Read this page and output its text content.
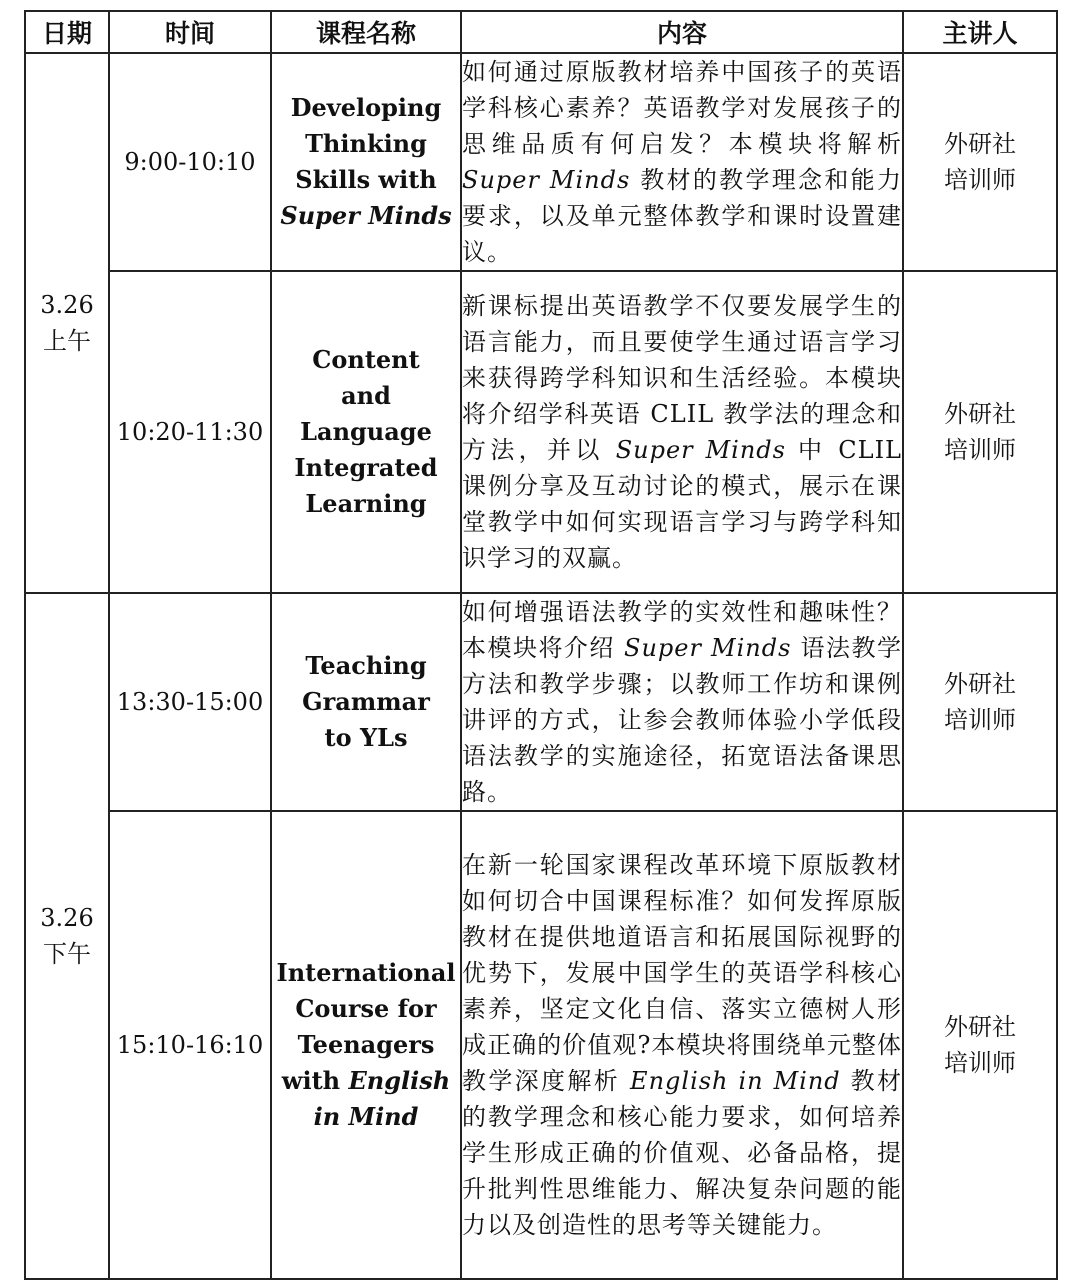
日期	时间	课程名称	内容	主讲人

3.26
上午	9:00-10:10	Developing
Thinking
Skills with
Super Minds	如何通过原版教材培养中国孩子的英语学科核心素养？英语教学对发展孩子的思维品质有何启发？本模块将解析 Super Minds 教材的教学理念和能力要求，以及单元整体教学和课时设置建议。	外研社
培训师

	10:20-11:30	Content
and
Language
Integrated
Learning	新课标提出英语教学不仅要发展学生的语言能力，而且要使学生通过语言学习来获得跨学科知识和生活经验。本模块将介绍学科英语 CLIL 教学法的理念和方法，并以 Super Minds 中 CLIL 课例分享及互动讨论的模式，展示在课堂教学中如何实现语言学习与跨学科知识学习的双赢。	外研社
培训师

3.26
下午	13:30-15:00	Teaching
Grammar
to YLs	如何增强语法教学的实效性和趣味性？本模块将介绍 Super Minds 语法教学方法和教学步骤；以教师工作坊和课例讲评的方式，让参会教师体验小学低段语法教学的实施途径，拓宽语法备课思路。	外研社
培训师

	15:10-16:10	International
Course for
Teenagers
with English
in Mind	在新一轮国家课程改革环境下原版教材如何切合中国课程标准？如何发挥原版教材在提供地道语言和拓展国际视野的优势下，发展中国学生的英语学科核心素养，坚定文化自信、落实立德树人形成正确的价值观?本模块将围绕单元整体教学深度解析 English in Mind 教材的教学理念和核心能力要求，如何培养学生形成正确的价值观、必备品格，提升批判性思维能力、解决复杂问题的能力以及创造性的思考等关键能力。	外研社
培训师
